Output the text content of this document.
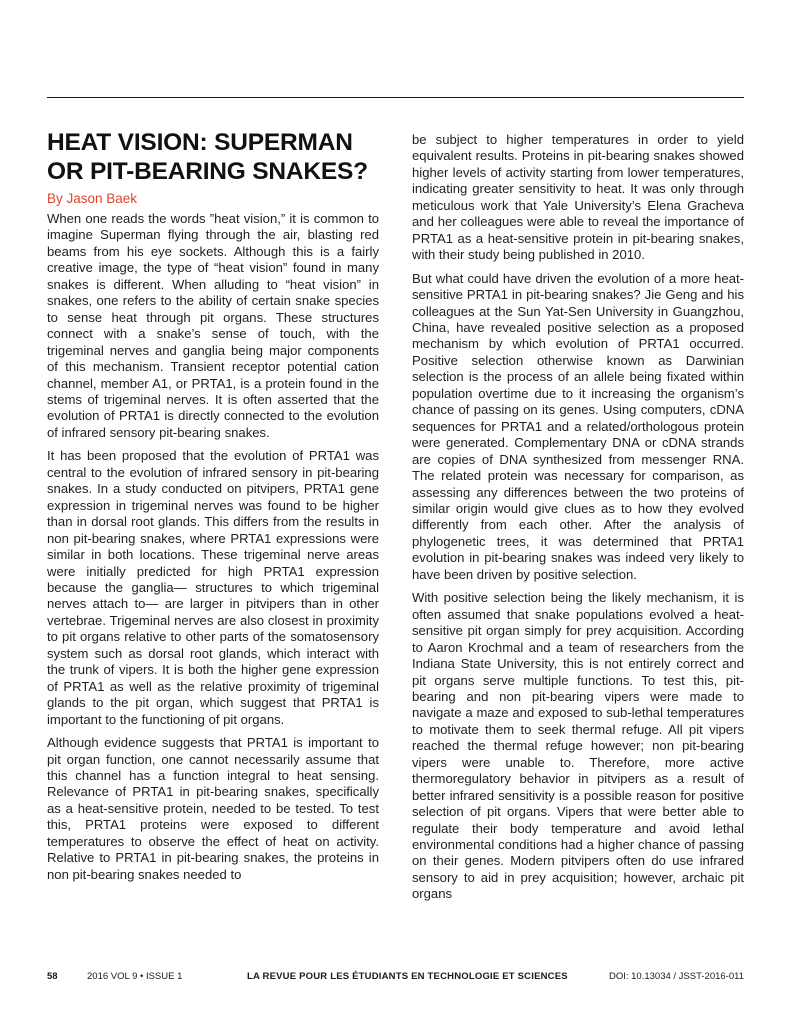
HEAT VISION: SUPERMAN OR PIT-BEARING SNAKES?
By Jason Baek

When one reads the words ”heat vision,” it is common to imagine Superman flying through the air, blasting red beams from his eye sockets. Although this is a fairly creative image, the type of “heat vision” found in many snakes is different. When alluding to “heat vision” in snakes, one refers to the ability of certain snake species to sense heat through pit organs. These structures connect with a snake’s sense of touch, with the trigeminal nerves and ganglia being major components of this mechanism. Transient receptor potential cation channel, member A1, or PRTA1, is a protein found in the stems of trigeminal nerves. It is often asserted that the evolution of PRTA1 is directly connected to the evolution of infrared sensory pit-bearing snakes.

It has been proposed that the evolution of PRTA1 was central to the evolution of infrared sensory in pit-bearing snakes. In a study conducted on pitvipers, PRTA1 gene expression in trigeminal nerves was found to be higher than in dorsal root glands. This differs from the results in non pit-bearing snakes, where PRTA1 expressions were similar in both locations. These trigeminal nerve areas were initially predicted for high PRTA1 expression because the ganglia— structures to which trigeminal nerves attach to— are larger in pitvipers than in other vertebrae. Trigeminal nerves are also closest in proximity to pit organs relative to other parts of the somatosensory system such as dorsal root glands, which interact with the trunk of vipers. It is both the higher gene expression of PRTA1 as well as the relative proximity of trigeminal glands to the pit organ, which suggest that PRTA1 is important to the functioning of pit organs.

Although evidence suggests that PRTA1 is important to pit organ function, one cannot necessarily assume that this channel has a function integral to heat sensing. Relevance of PRTA1 in pit-bearing snakes, specifically as a heat-sensitive protein, needed to be tested. To test this, PRTA1 proteins were exposed to different temperatures to observe the effect of heat on activity. Relative to PRTA1 in pit-bearing snakes, the proteins in non pit-bearing snakes needed to

be subject to higher temperatures in order to yield equivalent results. Proteins in pit-bearing snakes showed higher levels of activity starting from lower temperatures, indicating greater sensitivity to heat. It was only through meticulous work that Yale University’s Elena Gracheva and her colleagues were able to reveal the importance of PRTA1 as a heat-sensitive protein in pit-bearing snakes, with their study being published in 2010.

But what could have driven the evolution of a more heat-sensitive PRTA1 in pit-bearing snakes? Jie Geng and his colleagues at the Sun Yat-Sen University in Guangzhou, China, have revealed positive selection as a proposed mechanism by which evolution of PRTA1 occurred. Positive selection otherwise known as Darwinian selection is the process of an allele being fixated within population overtime due to it increasing the organism’s chance of passing on its genes. Using computers, cDNA sequences for PRTA1 and a related/orthologous protein were generated. Complementary DNA or cDNA strands are copies of DNA synthesized from messenger RNA. The related protein was necessary for comparison, as assessing any differences between the two proteins of similar origin would give clues as to how they evolved differently from each other. After the analysis of phylogenetic trees, it was determined that PRTA1 evolution in pit-bearing snakes was indeed very likely to have been driven by positive selection.

With positive selection being the likely mechanism, it is often assumed that snake populations evolved a heat-sensitive pit organ simply for prey acquisition. According to Aaron Krochmal and a team of researchers from the Indiana State University, this is not entirely correct and pit organs serve multiple functions. To test this, pit-bearing and non pit-bearing vipers were made to navigate a maze and exposed to sub-lethal temperatures to motivate them to seek thermal refuge. All pit vipers reached the thermal refuge however; non pit-bearing vipers were unable to. Therefore, more active thermoregulatory behavior in pitvipers as a result of better infrared sensitivity is a possible reason for positive selection of pit organs. Vipers that were better able to regulate their body temperature and avoid lethal environmental conditions had a higher chance of passing on their genes. Modern pitvipers often do use infrared sensory to aid in prey acquisition; however, archaic pit organs

58	2016 VOL 9 • ISSUE 1	LA REVUE POUR LES ÉTUDIANTS EN TECHNOLOGIE ET SCIENCES	DOI: 10.13034 / JSST-2016-011
